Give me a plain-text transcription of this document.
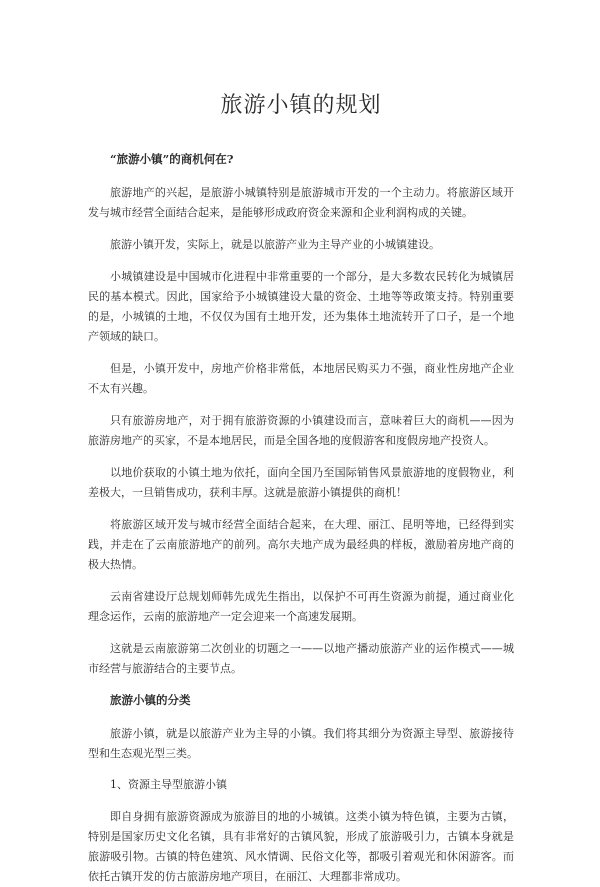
旅游小镇的规划
“旅游小镇”的商机何在?

旅游地产的兴起，是旅游小城镇特别是旅游城市开发的一个主动力。将旅游区域开发与城市经营全面结合起来，是能够形成政府资金来源和企业利润构成的关键。

旅游小镇开发，实际上，就是以旅游产业为主导产业的小城镇建设。

小城镇建设是中国城市化进程中非常重要的一个部分，是大多数农民转化为城镇居民的基本模式。因此，国家给予小城镇建设大量的资金、土地等等政策支持。特别重要的是，小城镇的土地，不仅仅为国有土地开发，还为集体土地流转开了口子，是一个地产领域的缺口。

但是，小镇开发中，房地产价格非常低，本地居民购买力不强，商业性房地产企业不太有兴趣。

只有旅游房地产，对于拥有旅游资源的小镇建设而言，意味着巨大的商机——因为旅游房地产的买家，不是本地居民，而是全国各地的度假游客和度假房地产投资人。

以地价获取的小镇土地为依托，面向全国乃至国际销售风景旅游地的度假物业，利差极大，一旦销售成功，获利丰厚。这就是旅游小镇提供的商机！

将旅游区域开发与城市经营全面结合起来，在大理、丽江、昆明等地，已经得到实践，并走在了云南旅游地产的前列。高尔夫地产成为最经典的样板，激励着房地产商的极大热情。

云南省建设厅总规划师韩先成先生指出，以保护不可再生资源为前提，通过商业化理念运作，云南的旅游地产一定会迎来一个高速发展期。

这就是云南旅游第二次创业的切题之一——以地产播动旅游产业的运作模式——城市经营与旅游结合的主要节点。

旅游小镇的分类

旅游小镇，就是以旅游产业为主导的小镇。我们将其细分为资源主导型、旅游接待型和生态观光型三类。

1、资源主导型旅游小镇

即自身拥有旅游资源成为旅游目的地的小城镇。这类小镇为特色镇，主要为古镇，特别是国家历史文化名镇，具有非常好的古镇风貌，形成了旅游吸引力，古镇本身就是旅游吸引物。古镇的特色建筑、风水情调、民俗文化等，都吸引着观光和休闲游客。而依托古镇开发的仿古旅游房地产项目，在丽江、大理都非常成功。
